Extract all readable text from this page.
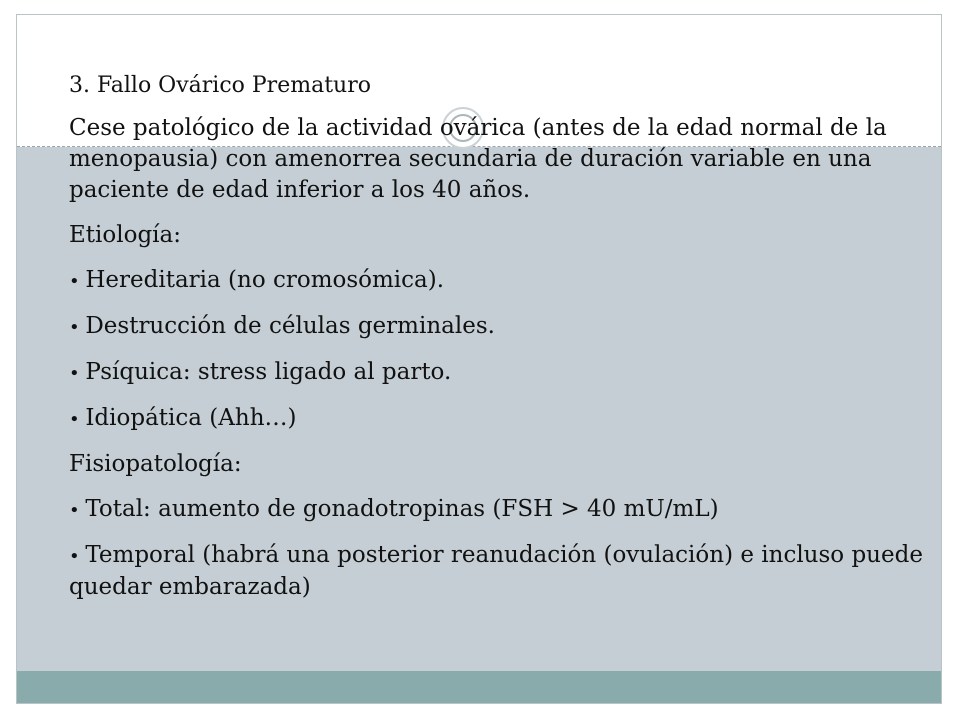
3. Fallo Ovárico Prematuro

Cese patológico de la actividad ovárica (antes de la edad normal de la menopausia) con amenorrea secundaria de duración variable en una paciente de edad inferior a los 40 años.

Etiología:

• Hereditaria (no cromosómica).

• Destrucción de células germinales.

• Psíquica: stress ligado al parto.

• Idiopática (Ahh…)

Fisiopatología:

• Total: aumento de gonadotropinas (FSH > 40 mU/mL)

• Temporal (habrá una posterior reanudación (ovulación) e incluso puede quedar embarazada)
